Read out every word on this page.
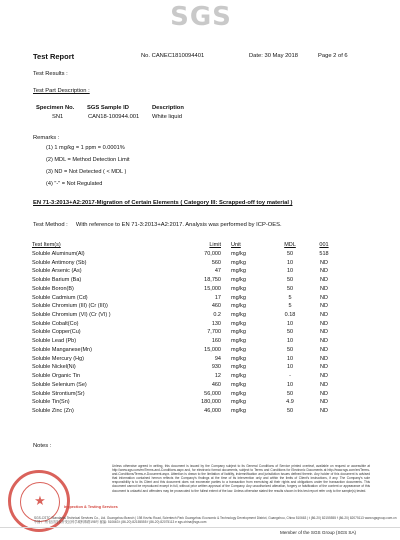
SGS
Test Report	No. CANEC1810094401	Date: 30 May 2018	Page 2 of 6
Test Results :
Test Part Description :
Specimen No. SGS Sample ID	Description
SN1	CAN18-100944.001 White liquid
Remarks :
(1) 1 mg/kg = 1 ppm = 0.0001%
(2) MDL = Method Detection Limit
(3) ND = Not Detected ( < MDL )
(4) "-" = Not Regulated
EN 71-3:2013+A2:2017-Migration of Certain Elements ( Category III: Scrapped-off toy material )
Test Method : With reference to EN 71-3:2013+A2:2017. Analysis was performed by ICP-OES.
Test Item(s)	Limit	Unit	MDL	001
Soluble Aluminum(Al)	70,000	mg/kg	50	518
Soluble Antimony (Sb)	560	mg/kg	10	ND
Soluble Arsenic (As)	47	mg/kg	10	ND
Soluble Barium (Ba)	18,750	mg/kg	50	ND
Soluble Boron(B)	15,000	mg/kg	50	ND
Soluble Cadmium (Cd)	17	mg/kg	5	ND
Soluble Chromium (III) (Cr (III))	460	mg/kg	5	ND
Soluble Chromium (VI) (Cr (VI) )	0.2	mg/kg	0.18	ND
Soluble Cobalt(Co)	130	mg/kg	10	ND
Soluble Copper(Cu)	7,700	mg/kg	50	ND
Soluble Lead (Pb)	160	mg/kg	10	ND
Soluble Manganese(Mn)	15,000	mg/kg	50	ND
Soluble Mercury (Hg)	94	mg/kg	10	ND
Soluble Nickel(Ni)	930	mg/kg	10	ND
Soluble Organic Tin	12	mg/kg	-	ND
Soluble Selenium (Se)	460	mg/kg	10	ND
Soluble Strontium(Sr)	56,000	mg/kg	50	ND
Soluble Tin(Sn)	180,000	mg/kg	4.9	ND
Soluble Zinc (Zn)	46,000	mg/kg	50	ND
Notes :
★	Inspection & Testing Services
Unless otherwise agreed in writing, this document is issued by the Company subject to its General Conditions of Service printed overleaf, available on request or accessible at http://www.sgs.com/en/Terms-and-Conditions.aspx and, for electronic format documents, subject to Terms and Conditions for Electronic Documents at http://www.sgs.com/en/Terms-and-Conditions/Terms-e-Document.aspx. Attention is drawn to the limitation of liability, indemnification and jurisdiction issues defined therein. Any holder of this document is advised that information contained hereon reflects the Company's findings at the time of its intervention only and within the limits of Client's instructions, if any. The Company's sole responsibility is to its Client and this document does not exonerate parties to a transaction from exercising all their rights and obligations under the transaction documents. This document cannot be reproduced except in full, without prior written approval of the Company. Any unauthorized alteration, forgery or falsification of the content or appearance of this document is unlawful and offenders may be prosecuted to the fullest extent of the law. Unless otherwise stated the results shown in this test report refer only to the sample(s) tested.
SGS-CSTC Standards Technical Services Co., Ltd. Guangzhou Branch | 198 Kezhu Road, Scientech Park Guangzhou Economic & Technology Development District, Guangzhou, China 510663 | t (86-20) 82155555 f (86-20) 82075113 www.sgsgroup.com.cn
中国·广州·经济技术开发区科学城科珠路198号 邮编: 510663 t (86-20) 82155555 f (86-20) 82075113 e sgs.china@sgs.com
Member of the SGS Group (SGS SA)
